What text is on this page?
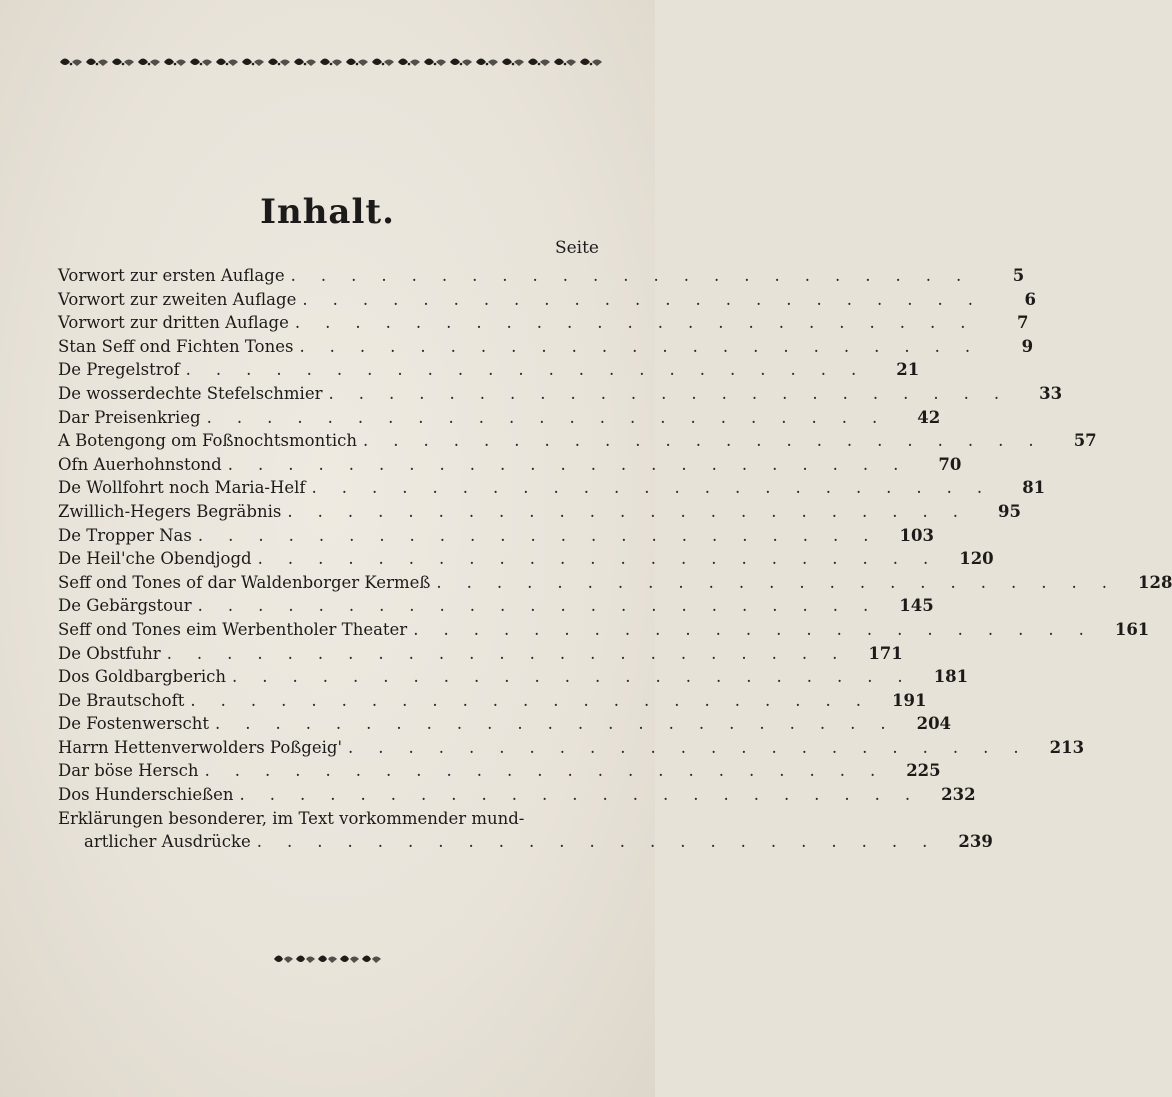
Inhalt.
Seite
Vorwort zur ersten Auflage .......................	5
Vorwort zur zweiten Auflage .......................	6
Vorwort zur dritten Auflage .......................	7
Stan Seff ond Fichten Tones .......................	9
De Pregelstrof ....................... 21
De wosserdechte Stefelschmier ....................... 33
Dar Preisenkrieg ....................... 42
A Botengong om Foßnochtsmontich ....................... 57
Ofn Auerhohnstond ....................... 70
De Wollfohrt noch Maria-Helf ....................... 81
Zwillich-Hegers Begräbnis ....................... 95
De Tropper Nas ....................... 103
De Heil'che Obendjogd ....................... 120
Seff ond Tones of dar Waldenborger Kermeß ....................... 128
De Gebärgstour ....................... 145
Seff ond Tones eim Werbentholer Theater ....................... 161
De Obstfuhr ....................... 171
Dos Goldbargberich ....................... 181
De Brautschoft ....................... 191
De Fostenwerscht ....................... 204
Harrn Hettenverwolders Poßgeig' ....................... 213
Dar böse Hersch ....................... 225
Dos Hunderschießen ....................... 232
Erklärungen besonderer, im Text vorkommender mund-
artlicher Ausdrücke ....................... 239
